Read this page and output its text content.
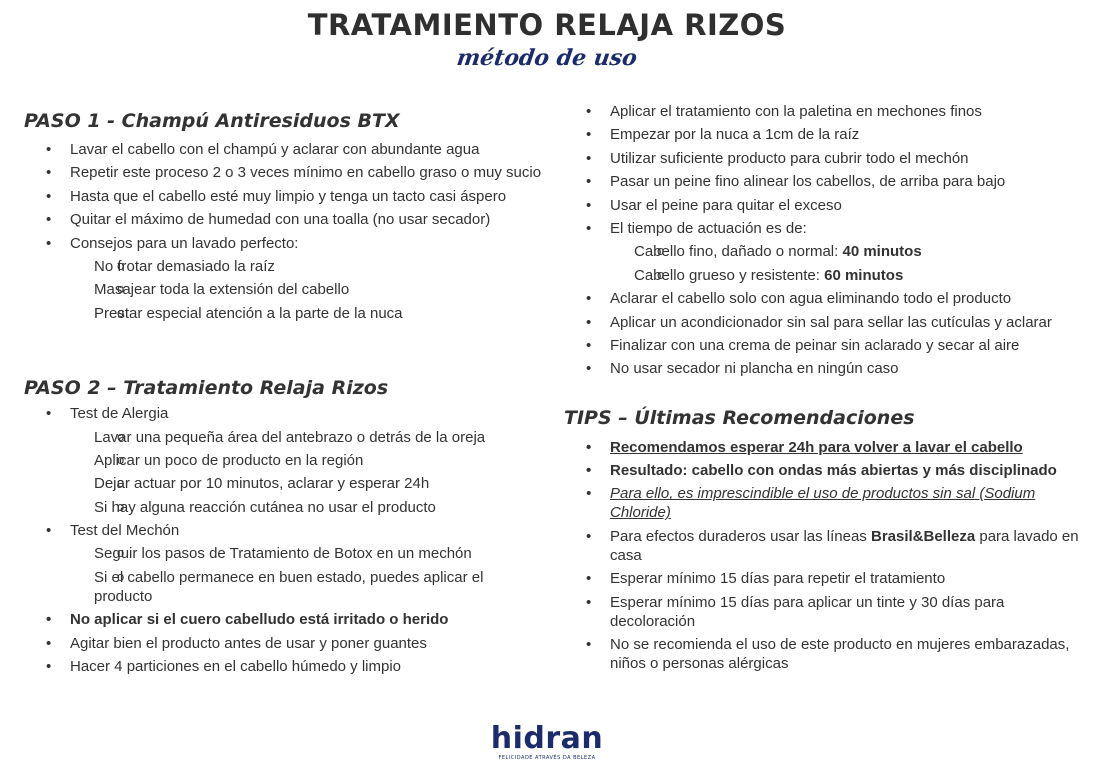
TRATAMIENTO RELAJA RIZOS
método de uso
PASO 1 - Champú Antiresiduos BTX
• Lavar el cabello con el champú y aclarar con abundante agua
• Repetir este proceso 2 o 3 veces mínimo en cabello graso o muy sucio
• Hasta que el cabello esté muy limpio y tenga un tacto casi áspero
• Quitar el máximo de humedad con una toalla (no usar secador)
• Consejos para un lavado perfecto:
o No frotar demasiado la raíz
o Masajear toda la extensión del cabello
o Prestar especial atención a la parte de la nuca
PASO 2 – Tratamiento Relaja Rizos
• Test de Alergia
o Lavar una pequeña área del antebrazo o detrás de la oreja
o Aplicar un poco de producto en la región
o Dejar actuar por 10 minutos, aclarar y esperar 24h
o Si hay alguna reacción cutánea no usar el producto
• Test del Mechón
o Seguir los pasos de Tratamiento de Botox en un mechón
o Si el cabello permanece en buen estado, puedes aplicar el producto
• No aplicar si el cuero cabelludo está irritado o herido
• Agitar bien el producto antes de usar y poner guantes
• Hacer 4 particiones en el cabello húmedo y limpio
• Aplicar el tratamiento con la paletina en mechones finos
• Empezar por la nuca a 1cm de la raíz
• Utilizar suficiente producto para cubrir todo el mechón
• Pasar un peine fino alinear los cabellos, de arriba para bajo
• Usar el peine para quitar el exceso
• El tiempo de actuación es de:
o Cabello fino, dañado o normal: 40 minutos
o Cabello grueso y resistente: 60 minutos
• Aclarar el cabello solo con agua eliminando todo el producto
• Aplicar un acondicionador sin sal para sellar las cutículas y aclarar
• Finalizar con una crema de peinar sin aclarado y secar al aire
• No usar secador ni plancha en ningún caso
TIPS – Últimas Recomendaciones
• Recomendamos esperar 24h para volver a lavar el cabello
• Resultado: cabello con ondas más abiertas y más disciplinado
• Para ello, es imprescindible el uso de productos sin sal (Sodium Chloride)
• Para efectos duraderos usar las líneas Brasil&Belleza para lavado en casa
• Esperar mínimo 15 días para repetir el tratamiento
• Esperar mínimo 15 días para aplicar un tinte y 30 días para decoloración
• No se recomienda el uso de este producto en mujeres embarazadas, niños o personas alérgicas
hidran
FELICIDADE ATRAVÉS DA BELEZA
